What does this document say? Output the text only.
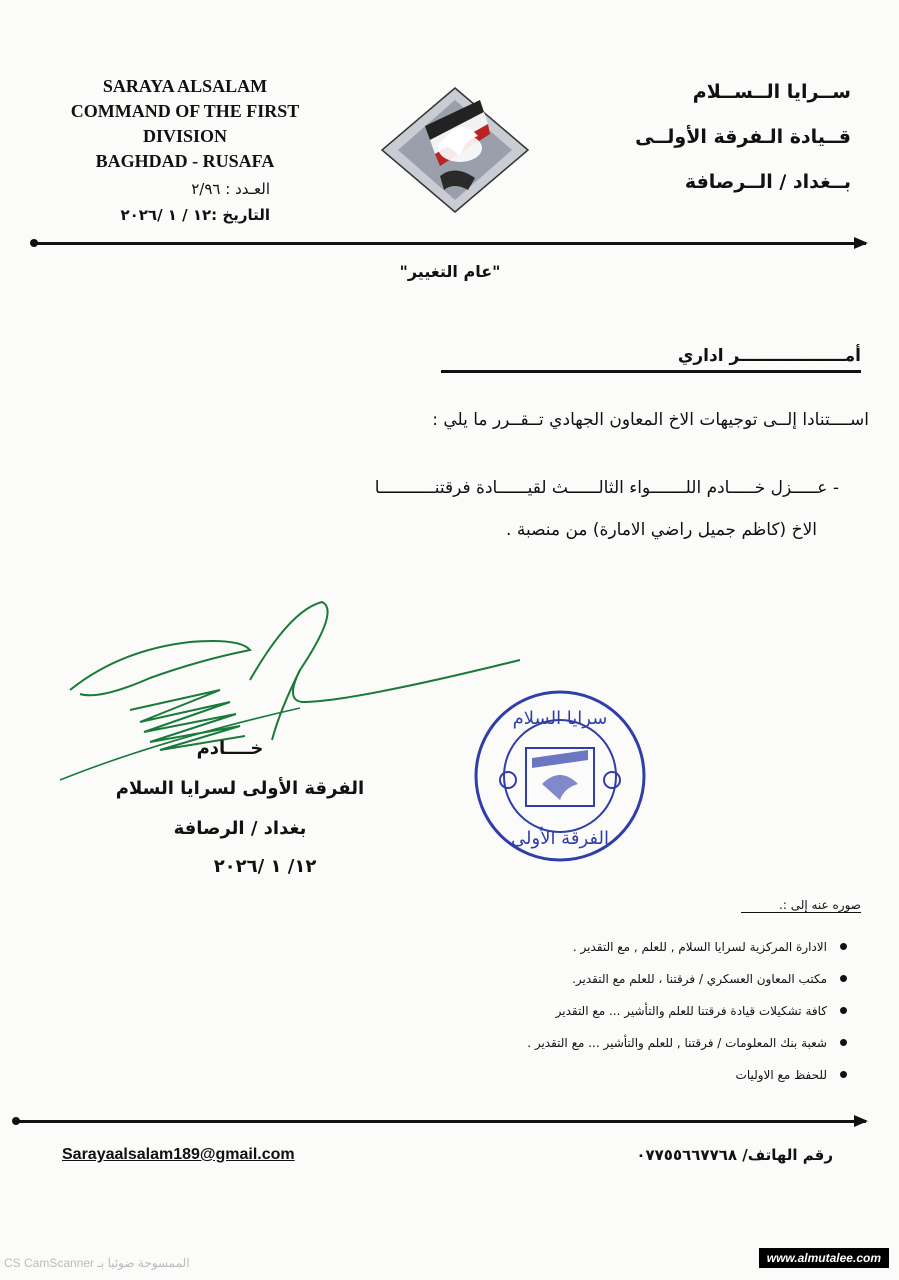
SARAYA ALSALAM
COMMAND OF THE FIRST
DIVISION
BAGHDAD - RUSAFA
العـدد : ٢/٩٦
التاريخ :١٢ / ١ /٢٠٢٦
ســرايا الــســلام
قــيادة الـفرقة الأولــى
بــغداد / الــرصافة
"عام التغيير"
أمــــــــــــــــــر اداري
اســــتنادا إلــى توجيهات الاخ المعاون الجهادي تــقــرر ما يلي :
- عـــــزل خـــــادم اللـــــــواء الثالــــــث لقيــــــادة فرقتنـــــــــــا
الاخ (كاظم جميل راضي الامارة) من منصبة .
خــــادم
الفرقة الأولى لسرايا السلام
بغداد / الرصافة
١٢/ ١ /٢٠٢٦
سرايا السلام
الفرقة الأولى
صوره عنه إلى :.
الادارة المركزية لسرايا السلام , للعلم , مع التقدير .
مكتب المعاون العسكري / فرقتنا ، للعلم مع التقدير.
كافة تشكيلات قيادة فرقتنا للعلم والتأشير ... مع التقدير
شعبة بنك المعلومات / فرقتنا , للعلم والتأشير ... مع التقدير .
للحفظ مع الاوليات
Sarayaalsalam189@gmail.com	رقم الهاتف/ ٠٧٧٥٥٦٦٧٧٦٨
CS CamScanner الممسوحة ضوئيا بـ	www.almutalee.com
